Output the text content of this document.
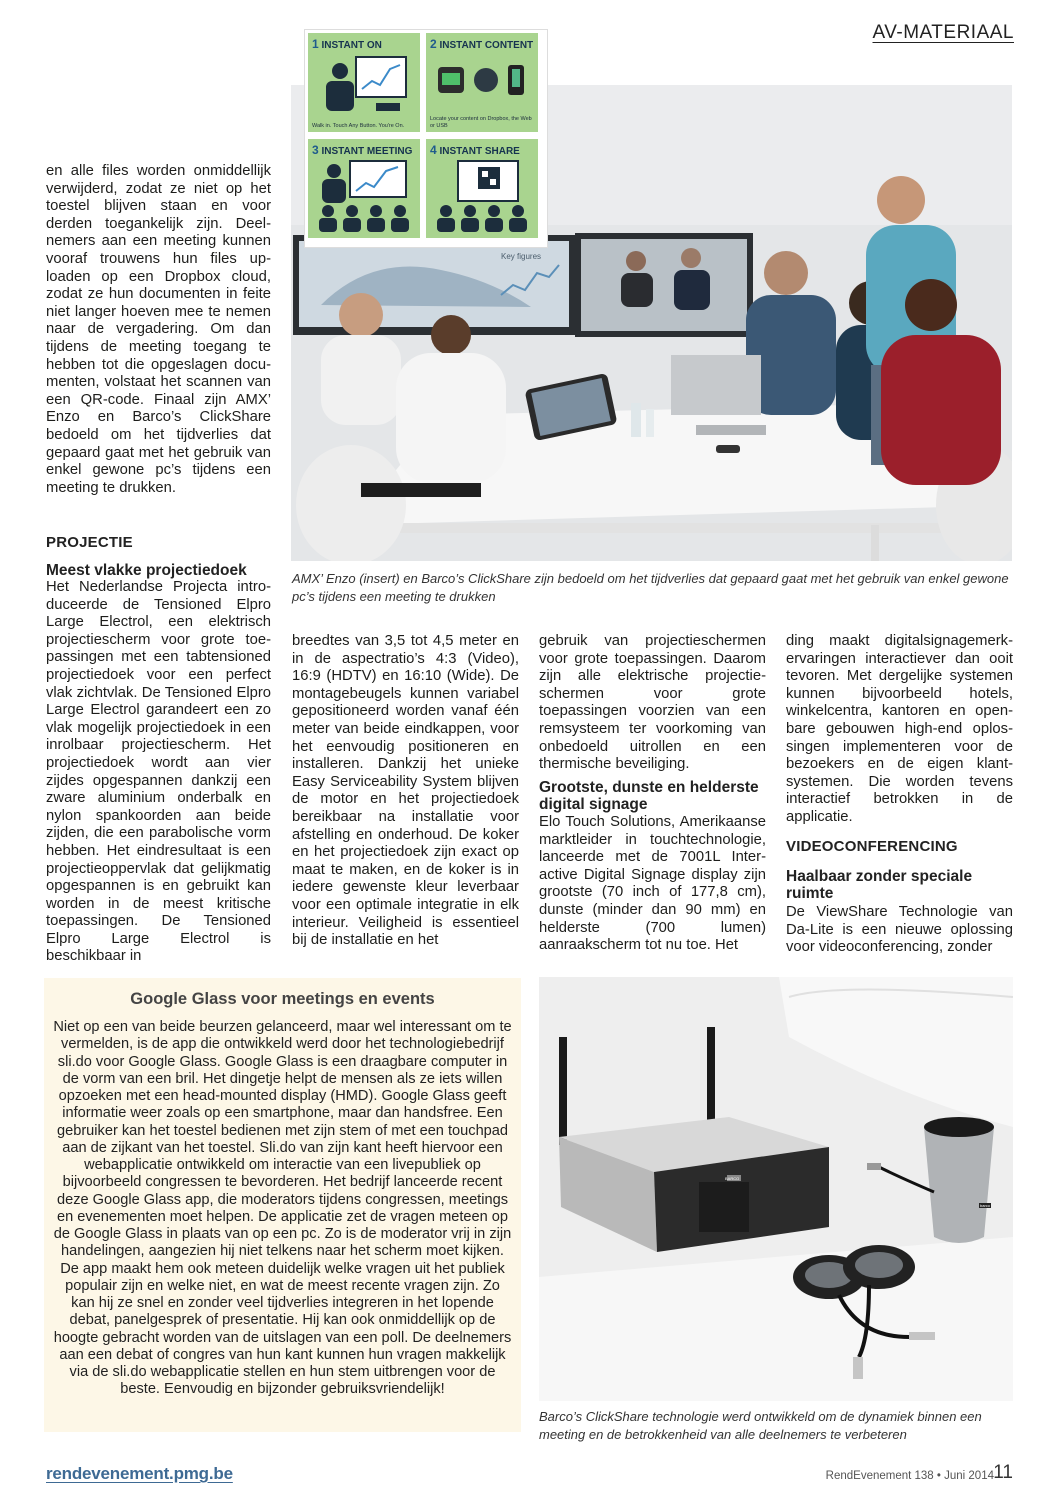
AV-MATERIAAL
Key figures
1 INSTANT ON
Walk in. Touch Any Button. You're On.
2 INSTANT CONTENT
Locate your content on Dropbox, the Web or USB
3 INSTANT MEETING 4 INSTANT SHARE

en alle files worden onmiddellijk verwijderd, zodat ze niet op het toestel blijven staan en voor derden toegankelijk zijn. Deelnemers aan een meeting kunnen vooraf trouwens hun files uploaden op een Dropbox cloud, zodat ze hun documenten in feite niet langer hoeven mee te nemen naar de vergadering. Om dan tijdens de meeting toegang te hebben tot die opgeslagen documenten, volstaat het scannen van een QR-code. Finaal zijn AMX’ Enzo en Barco’s ClickShare bedoeld om het tijdverlies dat gepaard gaat met het gebruik van enkel gewone pc’s tijdens een meeting te drukken.

PROJECTIE
Meest vlakke projectiedoek

Het Nederlandse Projecta introduceerde de Tensioned Elpro Large Electrol, een elektrisch projectiescherm voor grote toepassingen met een tabtensioned projectiedoek voor een perfect vlak zichtvlak. De Tensioned Elpro Large Electrol garandeert een zo vlak mogelijk projectiedoek in een inrolbaar projectiescherm. Het projectiedoek wordt aan vier zijdes opgespannen dankzij een zware aluminium onderbalk en nylon spankoorden aan beide zijden, die een parabolische vorm hebben. Het eindresultaat is een projectieoppervlak dat gelijkmatig opgespannen is en gebruikt kan worden in de meest kritische toepassingen. De Tensioned Elpro Large Electrol is beschikbaar in

AMX’ Enzo (insert) en Barco’s ClickShare zijn bedoeld om het tijdverlies dat gepaard gaat met het gebruik van enkel gewone pc’s tijdens een meeting te drukken

breedtes van 3,5 tot 4,5 meter en in de aspectratio’s 4:3 (Video), 16:9 (HDTV) en 16:10 (Wide). De montagebeugels kunnen variabel gepositioneerd worden vanaf één meter van beide eindkappen, voor het eenvoudig positioneren en installeren. Dankzij het unieke Easy Serviceability System blijven de motor en het projectiedoek bereikbaar na installatie voor afstelling en onderhoud. De koker en het projectiedoek zijn exact op maat te maken, en de koker is in iedere gewenste kleur leverbaar voor een optimale integratie in elk interieur. Veiligheid is essentieel bij de installatie en het

gebruik van projectieschermen voor grote toepassingen. Daarom zijn alle elektrische projectieschermen voor grote toepassingen voorzien van een remsysteem ter voorkoming van onbedoeld uitrollen en een thermische beveiliging.

Grootste, dunste en helderste digital signage

Elo Touch Solutions, Amerikaanse marktleider in touchtechnologie, lanceerde met de 7001L Interactive Digital Signage display zijn grootste (70 inch of 177,8 cm), dunste (minder dan 90 mm) en helderste (700 lumen) aanraakscherm tot nu toe. Het

ding maakt digitalsignagemerkervaringen interactiever dan ooit tevoren. Met dergelijke systemen kunnen bijvoorbeeld hotels, winkelcentra, kantoren en openbare gebouwen high-end oplossingen implementeren voor de bezoekers en de eigen klantsystemen. Die worden tevens interactief betrokken in de applicatie.

VIDEOCONFERENCING
Haalbaar zonder speciale ruimte

De ViewShare Technologie van Da-Lite is een nieuwe oplossing voor videoconferencing, zonder

Google Glass voor meetings en events

Niet op een van beide beurzen gelanceerd, maar wel interessant om te vermelden, is de app die ontwikkeld werd door het technologiebedrijf sli.do voor Google Glass. Google Glass is een draagbare computer in de vorm van een bril. Het dingetje helpt de mensen als ze iets willen opzoeken met een head-mounted display (HMD). Google Glass geeft informatie weer zoals op een smartphone, maar dan handsfree. Een gebruiker kan het toestel bedienen met zijn stem of met een touchpad aan de zijkant van het toestel. Sli.do van zijn kant heeft hiervoor een webapplicatie ontwikkeld om interactie van een livepubliek op bijvoorbeeld congressen te bevorderen. Het bedrijf lanceerde recent deze Google Glass app, die moderators tijdens congressen, meetings en evenementen moet helpen. De applicatie zet de vragen meteen op de Google Glass in plaats van op een pc. Zo is de moderator vrij in zijn handelingen, aangezien hij niet telkens naar het scherm moet kijken. De app maakt hem ook meteen duidelijk welke vragen uit het publiek populair zijn en welke niet, en wat de meest recente vragen zijn. Zo kan hij ze snel en zonder veel tijdverlies integreren in het lopende debat, panelgesprek of presentatie. Hij kan ook onmiddellijk op de hoogte gebracht worden van de uitslagen van een poll. De deelnemers aan een debat of congres van hun kant kunnen hun vragen makkelijk via de sli.do webapplicatie stellen en hun stem uitbrengen voor de beste. Eenvoudig en bijzonder gebruiksvriendelijk!

BARCO
barco
Barco’s ClickShare technologie werd ontwikkeld om de dynamiek binnen een meeting en de betrokkenheid van alle deelnemers te verbeteren
rendevenement.pmg.be	RendEvenement 138 • Juni 2014 11
